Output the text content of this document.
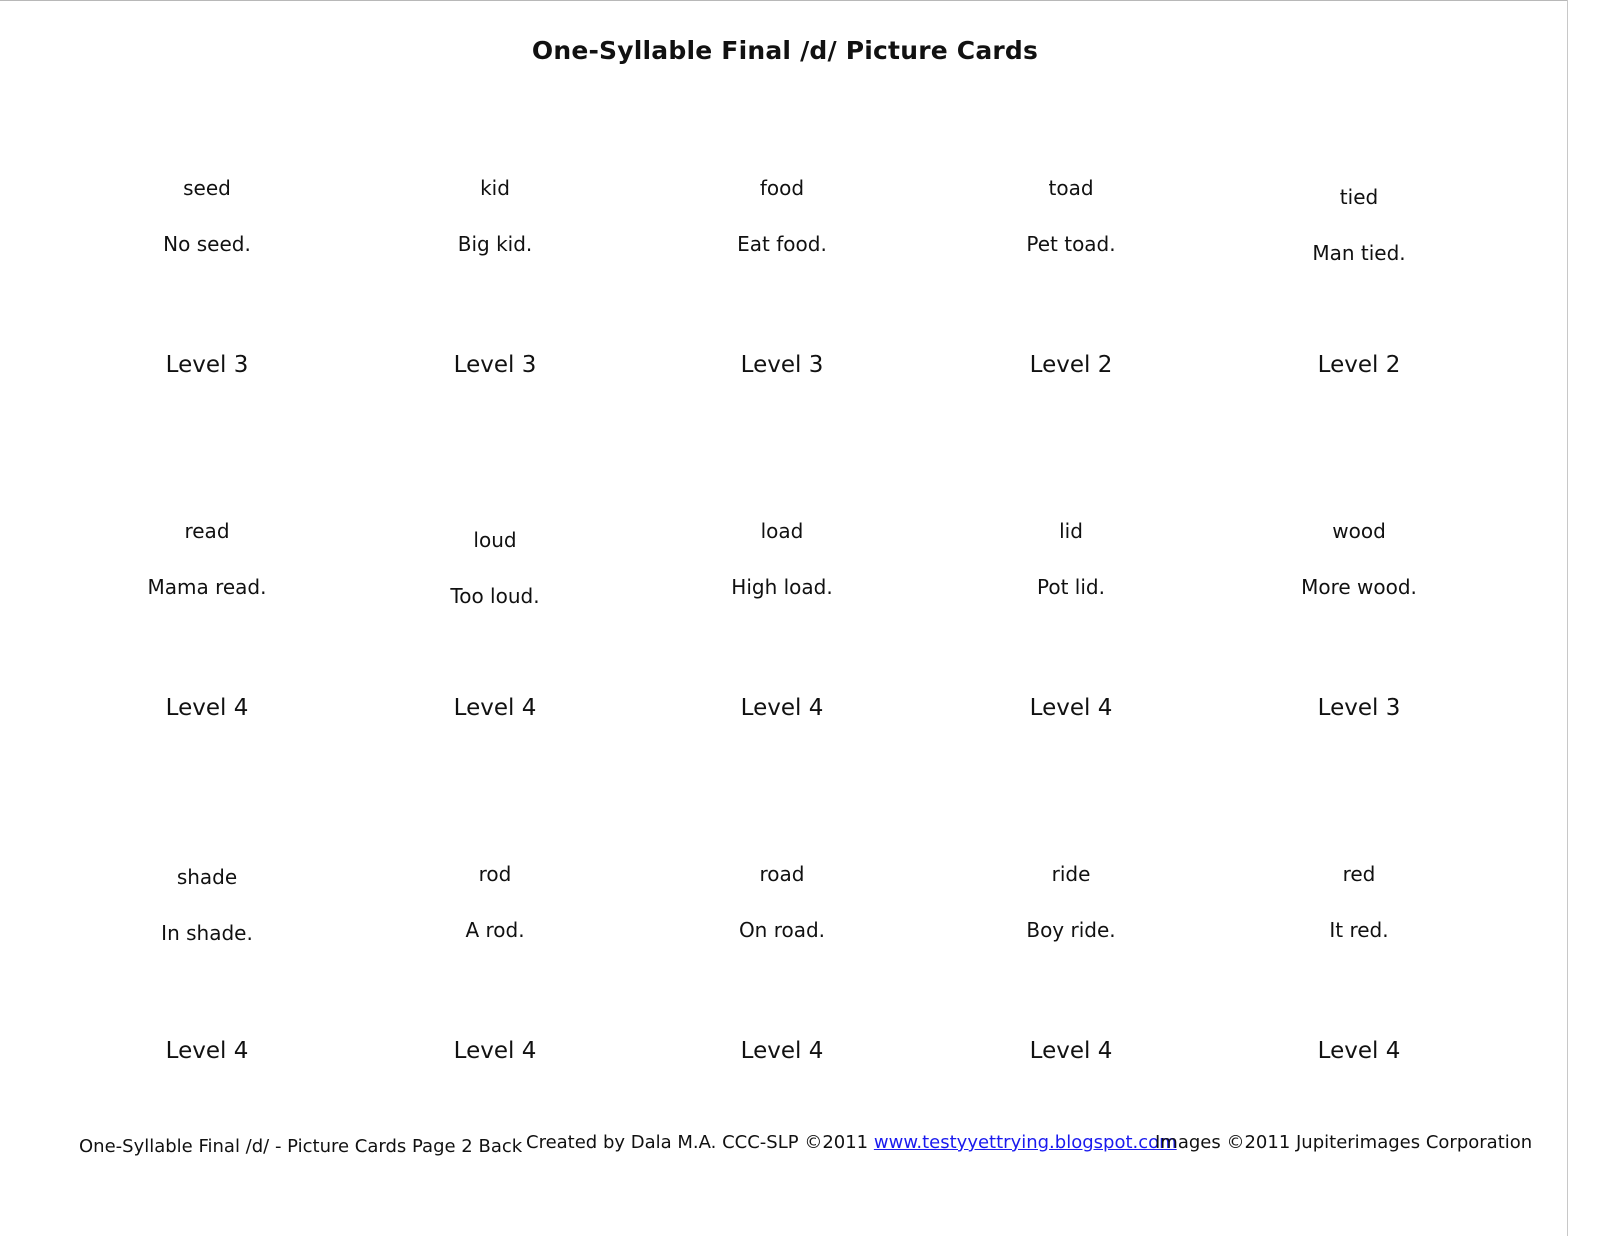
One-Syllable Final /d/ Picture Cards
seed
No seed.
Level 3
kid
Big kid.
Level 3
food
Eat food.
Level 3
toad
Pet toad.
Level 2
tied
Man tied.
Level 2
read
Mama read.
Level 4
loud
Too loud.
Level 4
load
High load.
Level 4
lid
Pot lid.
Level 4
wood
More wood.
Level 3
shade
In shade.
Level 4
rod
A rod.
Level 4
road
On road.
Level 4
ride
Boy ride.
Level 4
red
It red.
Level 4
One-Syllable Final /d/ - Picture Cards Page 2 Back Created by Dala M.A. CCC-SLP ©2011 www.testyyettrying.blogspot.com
Images ©2011 Jupiterimages Corporation
